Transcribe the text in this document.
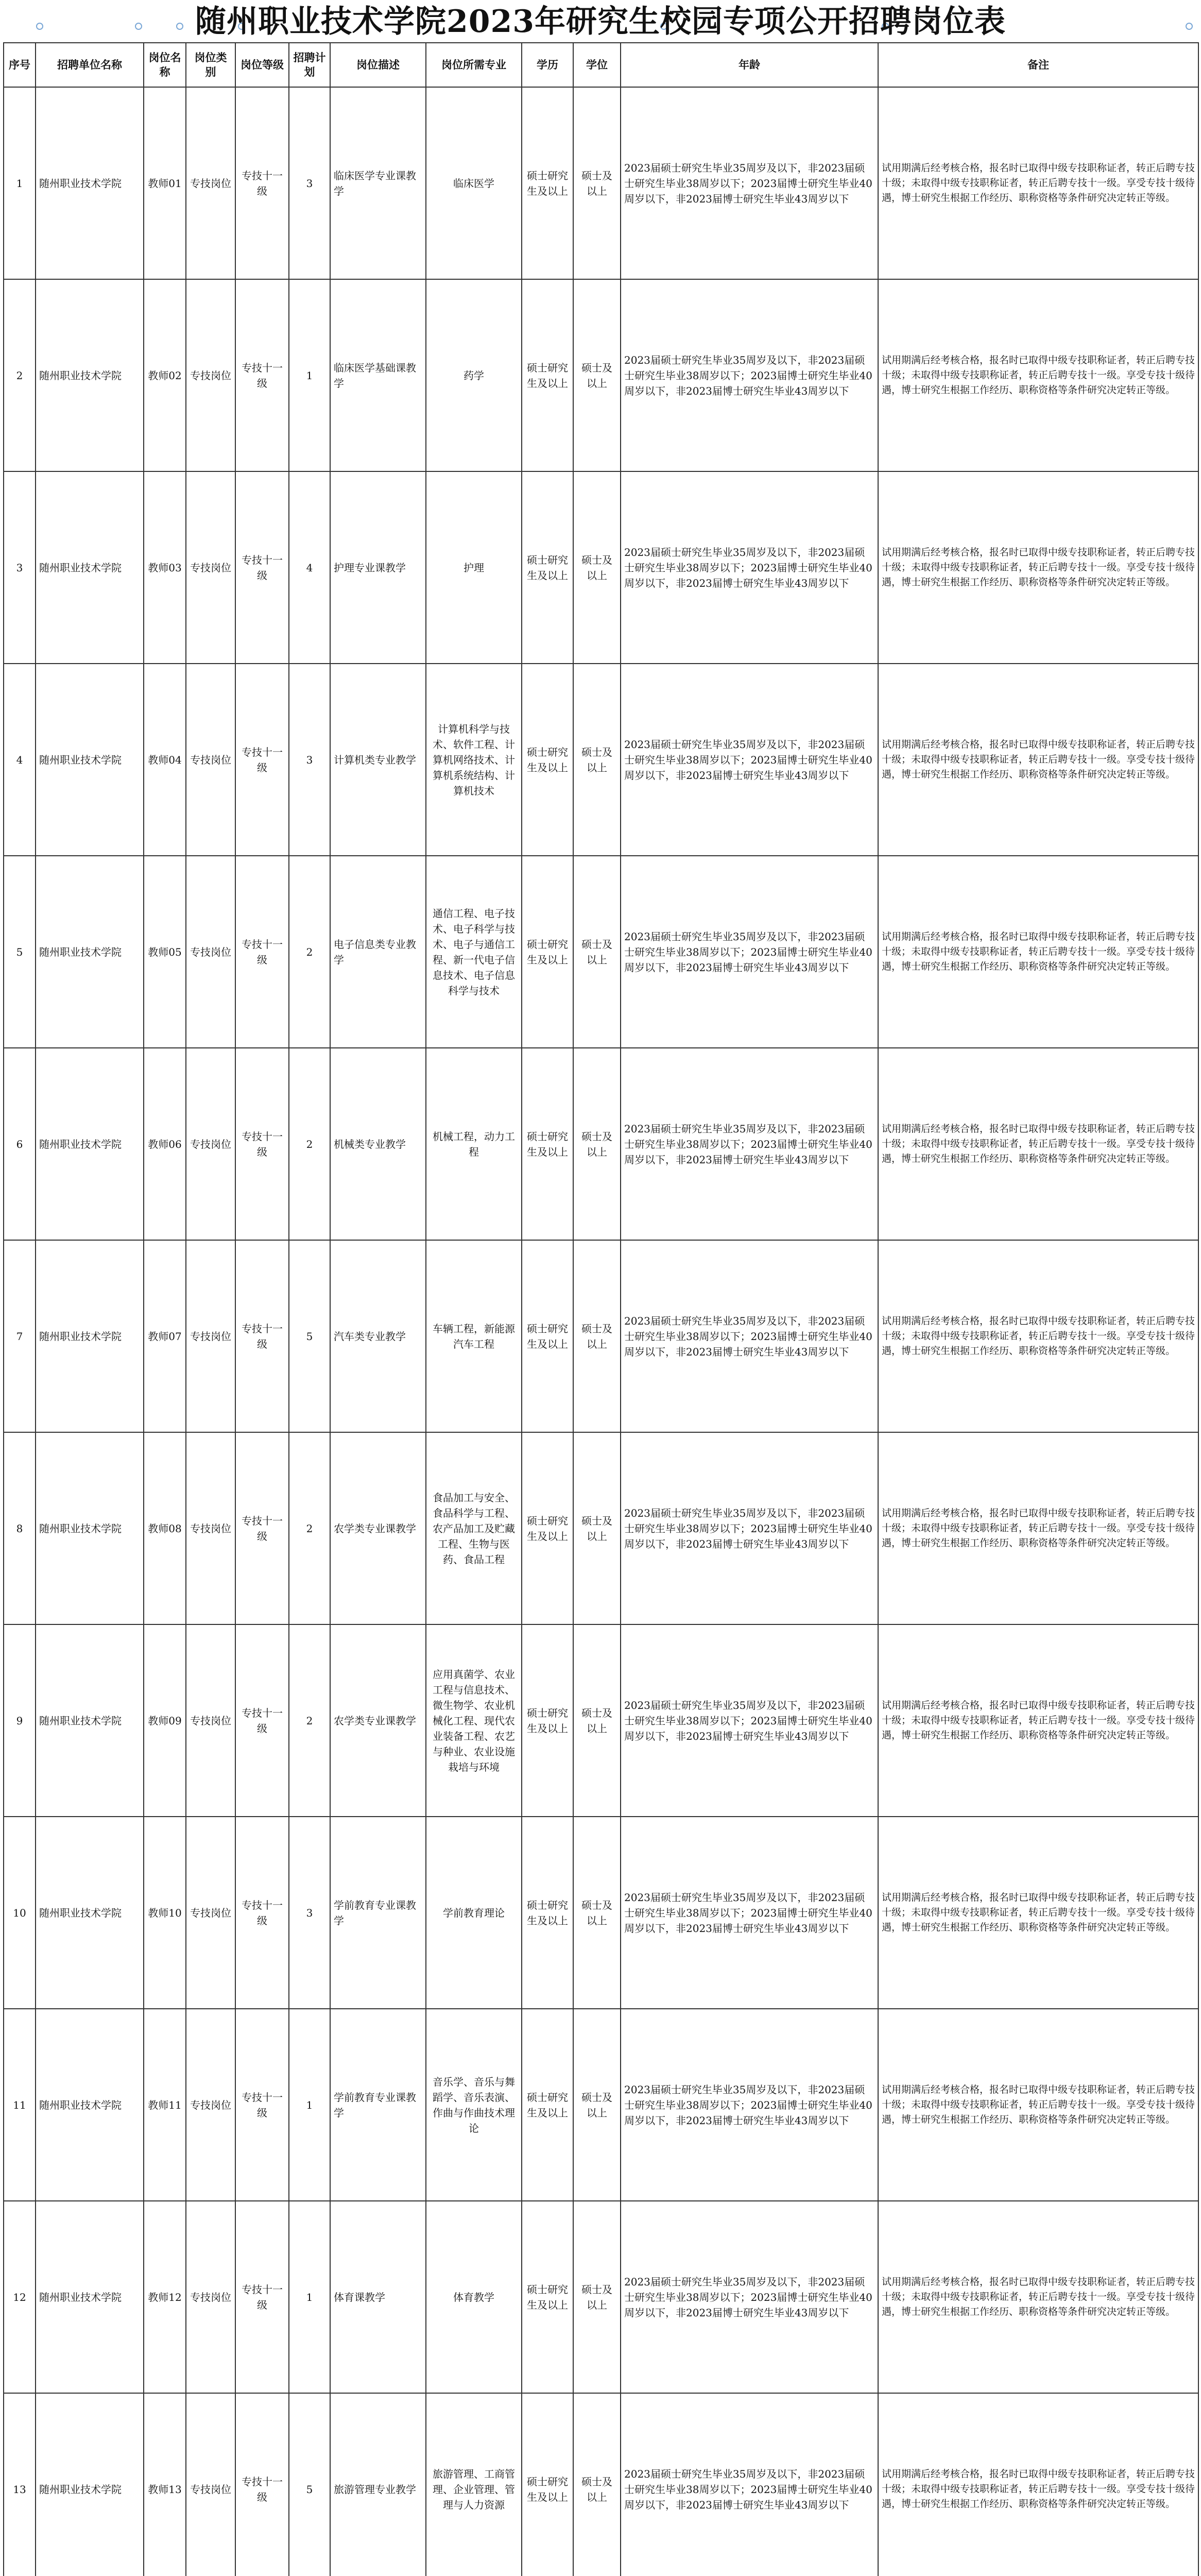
随州职业技术学院2023年研究生校园专项公开招聘岗位表
序号	招聘单位名称	岗位名称	岗位类别	岗位等级	招聘计划	岗位描述	岗位所需专业	学历	学位	年龄	备注
1	随州职业技术学院	教师01	专技岗位	专技十一级	3	临床医学专业课教学	临床医学	硕士研究生及以上	硕士及以上	2023届硕士研究生毕业35周岁及以下，非2023届硕士研究生毕业38周岁以下；2023届博士研究生毕业40周岁以下，非2023届博士研究生毕业43周岁以下	试用期满后经考核合格，报名时已取得中级专技职称证者，转正后聘专技十级；未取得中级专技职称证者，转正后聘专技十一级。享受专技十级待遇，博士研究生根据工作经历、职称资格等条件研究决定转正等级。
2	随州职业技术学院	教师02	专技岗位	专技十一级	1	临床医学基础课教学	药学	硕士研究生及以上	硕士及以上	2023届硕士研究生毕业35周岁及以下，非2023届硕士研究生毕业38周岁以下；2023届博士研究生毕业40周岁以下，非2023届博士研究生毕业43周岁以下	试用期满后经考核合格，报名时已取得中级专技职称证者，转正后聘专技十级；未取得中级专技职称证者，转正后聘专技十一级。享受专技十级待遇，博士研究生根据工作经历、职称资格等条件研究决定转正等级。
3	随州职业技术学院	教师03	专技岗位	专技十一级	4	护理专业课教学	护理	硕士研究生及以上	硕士及以上	2023届硕士研究生毕业35周岁及以下，非2023届硕士研究生毕业38周岁以下；2023届博士研究生毕业40周岁以下，非2023届博士研究生毕业43周岁以下	试用期满后经考核合格，报名时已取得中级专技职称证者，转正后聘专技十级；未取得中级专技职称证者，转正后聘专技十一级。享受专技十级待遇，博士研究生根据工作经历、职称资格等条件研究决定转正等级。
4	随州职业技术学院	教师04	专技岗位	专技十一级	3	计算机类专业教学	计算机科学与技术、软件工程、计算机网络技术、计算机系统结构、计算机技术	硕士研究生及以上	硕士及以上	2023届硕士研究生毕业35周岁及以下，非2023届硕士研究生毕业38周岁以下；2023届博士研究生毕业40周岁以下，非2023届博士研究生毕业43周岁以下	试用期满后经考核合格，报名时已取得中级专技职称证者，转正后聘专技十级；未取得中级专技职称证者，转正后聘专技十一级。享受专技十级待遇，博士研究生根据工作经历、职称资格等条件研究决定转正等级。
5	随州职业技术学院	教师05	专技岗位	专技十一级	2	电子信息类专业教学	通信工程、电子技术、电子科学与技术、电子与通信工程、新一代电子信息技术、电子信息科学与技术	硕士研究生及以上	硕士及以上	2023届硕士研究生毕业35周岁及以下，非2023届硕士研究生毕业38周岁以下；2023届博士研究生毕业40周岁以下，非2023届博士研究生毕业43周岁以下	试用期满后经考核合格，报名时已取得中级专技职称证者，转正后聘专技十级；未取得中级专技职称证者，转正后聘专技十一级。享受专技十级待遇，博士研究生根据工作经历、职称资格等条件研究决定转正等级。
6	随州职业技术学院	教师06	专技岗位	专技十一级	2	机械类专业教学	机械工程，动力工程	硕士研究生及以上	硕士及以上	2023届硕士研究生毕业35周岁及以下，非2023届硕士研究生毕业38周岁以下；2023届博士研究生毕业40周岁以下，非2023届博士研究生毕业43周岁以下	试用期满后经考核合格，报名时已取得中级专技职称证者，转正后聘专技十级；未取得中级专技职称证者，转正后聘专技十一级。享受专技十级待遇，博士研究生根据工作经历、职称资格等条件研究决定转正等级。
7	随州职业技术学院	教师07	专技岗位	专技十一级	5	汽车类专业教学	车辆工程，新能源汽车工程	硕士研究生及以上	硕士及以上	2023届硕士研究生毕业35周岁及以下，非2023届硕士研究生毕业38周岁以下；2023届博士研究生毕业40周岁以下，非2023届博士研究生毕业43周岁以下	试用期满后经考核合格，报名时已取得中级专技职称证者，转正后聘专技十级；未取得中级专技职称证者，转正后聘专技十一级。享受专技十级待遇，博士研究生根据工作经历、职称资格等条件研究决定转正等级。
8	随州职业技术学院	教师08	专技岗位	专技十一级	2	农学类专业课教学	食品加工与安全、食品科学与工程、农产品加工及贮藏工程、生物与医药、食品工程	硕士研究生及以上	硕士及以上	2023届硕士研究生毕业35周岁及以下，非2023届硕士研究生毕业38周岁以下；2023届博士研究生毕业40周岁以下，非2023届博士研究生毕业43周岁以下	试用期满后经考核合格，报名时已取得中级专技职称证者，转正后聘专技十级；未取得中级专技职称证者，转正后聘专技十一级。享受专技十级待遇，博士研究生根据工作经历、职称资格等条件研究决定转正等级。
9	随州职业技术学院	教师09	专技岗位	专技十一级	2	农学类专业课教学	应用真菌学、农业工程与信息技术、微生物学、农业机械化工程、现代农业装备工程、农艺与种业、农业设施栽培与环境	硕士研究生及以上	硕士及以上	2023届硕士研究生毕业35周岁及以下，非2023届硕士研究生毕业38周岁以下；2023届博士研究生毕业40周岁以下，非2023届博士研究生毕业43周岁以下	试用期满后经考核合格，报名时已取得中级专技职称证者，转正后聘专技十级；未取得中级专技职称证者，转正后聘专技十一级。享受专技十级待遇，博士研究生根据工作经历、职称资格等条件研究决定转正等级。
10	随州职业技术学院	教师10	专技岗位	专技十一级	3	学前教育专业课教学	学前教育理论	硕士研究生及以上	硕士及以上	2023届硕士研究生毕业35周岁及以下，非2023届硕士研究生毕业38周岁以下；2023届博士研究生毕业40周岁以下，非2023届博士研究生毕业43周岁以下	试用期满后经考核合格，报名时已取得中级专技职称证者，转正后聘专技十级；未取得中级专技职称证者，转正后聘专技十一级。享受专技十级待遇，博士研究生根据工作经历、职称资格等条件研究决定转正等级。
11	随州职业技术学院	教师11	专技岗位	专技十一级	1	学前教育专业课教学	音乐学、音乐与舞蹈学、音乐表演、作曲与作曲技术理论	硕士研究生及以上	硕士及以上	2023届硕士研究生毕业35周岁及以下，非2023届硕士研究生毕业38周岁以下；2023届博士研究生毕业40周岁以下，非2023届博士研究生毕业43周岁以下	试用期满后经考核合格，报名时已取得中级专技职称证者，转正后聘专技十级；未取得中级专技职称证者，转正后聘专技十一级。享受专技十级待遇，博士研究生根据工作经历、职称资格等条件研究决定转正等级。
12	随州职业技术学院	教师12	专技岗位	专技十一级	1	体育课教学	体育教学	硕士研究生及以上	硕士及以上	2023届硕士研究生毕业35周岁及以下，非2023届硕士研究生毕业38周岁以下；2023届博士研究生毕业40周岁以下，非2023届博士研究生毕业43周岁以下	试用期满后经考核合格，报名时已取得中级专技职称证者，转正后聘专技十级；未取得中级专技职称证者，转正后聘专技十一级。享受专技十级待遇，博士研究生根据工作经历、职称资格等条件研究决定转正等级。
13	随州职业技术学院	教师13	专技岗位	专技十一级	5	旅游管理专业教学	旅游管理、工商管理、企业管理、管理与人力资源	硕士研究生及以上	硕士及以上	2023届硕士研究生毕业35周岁及以下，非2023届硕士研究生毕业38周岁以下；2023届博士研究生毕业40周岁以下，非2023届博士研究生毕业43周岁以下	试用期满后经考核合格，报名时已取得中级专技职称证者，转正后聘专技十级；未取得中级专技职称证者，转正后聘专技十一级。享受专技十级待遇，博士研究生根据工作经历、职称资格等条件研究决定转正等级。
